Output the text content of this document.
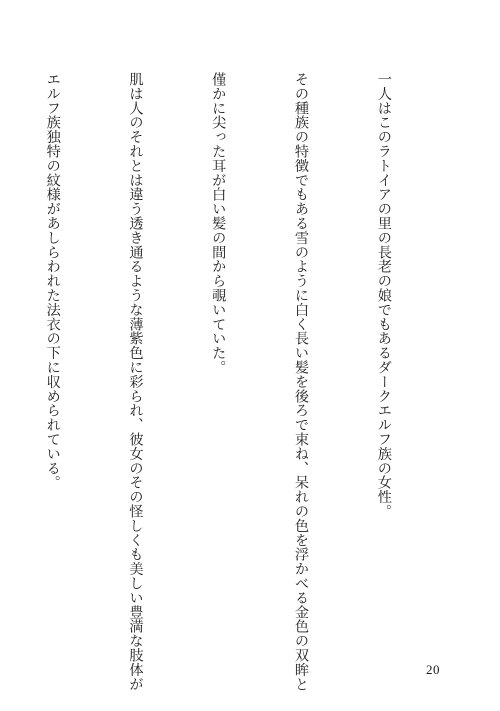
一人はこのラトイアの里の長老の娘でもあるダークエルフ族の女性。

その種族の特徴でもある雪のように白く長い髪を後ろで束ね、呆れの色を浮かべる金色の双眸と

僅かに尖った耳が白い髪の間から覗いていた。

肌は人のそれとは違う透き通るような薄紫色に彩られ、彼女のその怪しくも美しい豊満な肢体が

エルフ族独特の紋様があしらわれた法衣の下に収められている。

20
